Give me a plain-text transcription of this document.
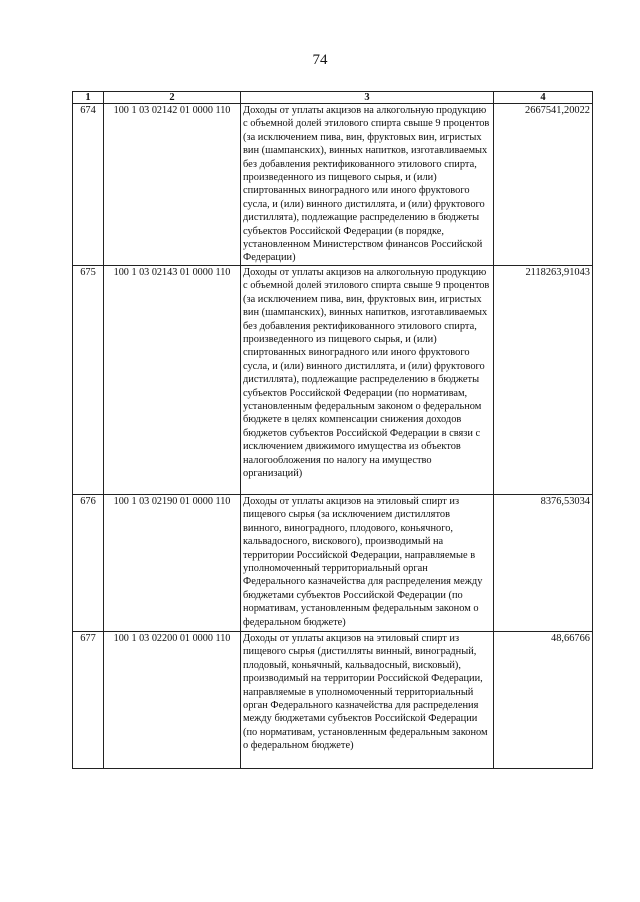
74
1	2	3	4
674	100 1 03 02142 01 0000 110	Доходы от уплаты акцизов на алкогольную продукцию с объемной долей этилового спирта свыше 9 процентов (за исключением пива, вин, фруктовых вин, игристых вин (шампанских), винных напитков, изготавливаемых без добавления ректификованного этилового спирта, произведенного из пищевого сырья, и (или) спиртованных виноградного или иного фруктового сусла, и (или) винного дистиллята, и (или) фруктового дистиллята), подлежащие распределению в бюджеты субъектов Российской Федерации (в порядке, установленном Министерством финансов Российской Федерации)	2667541,20022
675	100 1 03 02143 01 0000 110	Доходы от уплаты акцизов на алкогольную продукцию с объемной долей этилового спирта свыше 9 процентов (за исключением пива, вин, фруктовых вин, игристых вин (шампанских), винных напитков, изготавливаемых без добавления ректификованного этилового спирта, произведенного из пищевого сырья, и (или) спиртованных виноградного или иного фруктового сусла, и (или) винного дистиллята, и (или) фруктового дистиллята), подлежащие распределению в бюджеты субъектов Российской Федерации (по нормативам, установленным федеральным законом о федеральном бюджете в целях компенсации снижения доходов бюджетов субъектов Российской Федерации в связи с исключением движимого имущества из объектов налогообложения по налогу на имущество организаций)	2118263,91043
676	100 1 03 02190 01 0000 110	Доходы от уплаты акцизов на этиловый спирт из пищевого сырья (за исключением дистиллятов винного, виноградного, плодового, коньячного, кальвадосного, вискового), производимый на территории Российской Федерации, направляемые в уполномоченный территориальный орган Федерального казначейства для распределения между бюджетами субъектов Российской Федерации (по нормативам, установленным федеральным законом о федеральном бюджете)	8376,53034
677	100 1 03 02200 01 0000 110	Доходы от уплаты акцизов на этиловый спирт из пищевого сырья (дистилляты винный, виноградный, плодовый, коньячный, кальвадосный, висковый), производимый на территории Российской Федерации, направляемые в уполномоченный территориальный орган Федерального казначейства для распределения между бюджетами субъектов Российской Федерации (по нормативам, установленным федеральным законом о федеральном бюджете)	48,66766
